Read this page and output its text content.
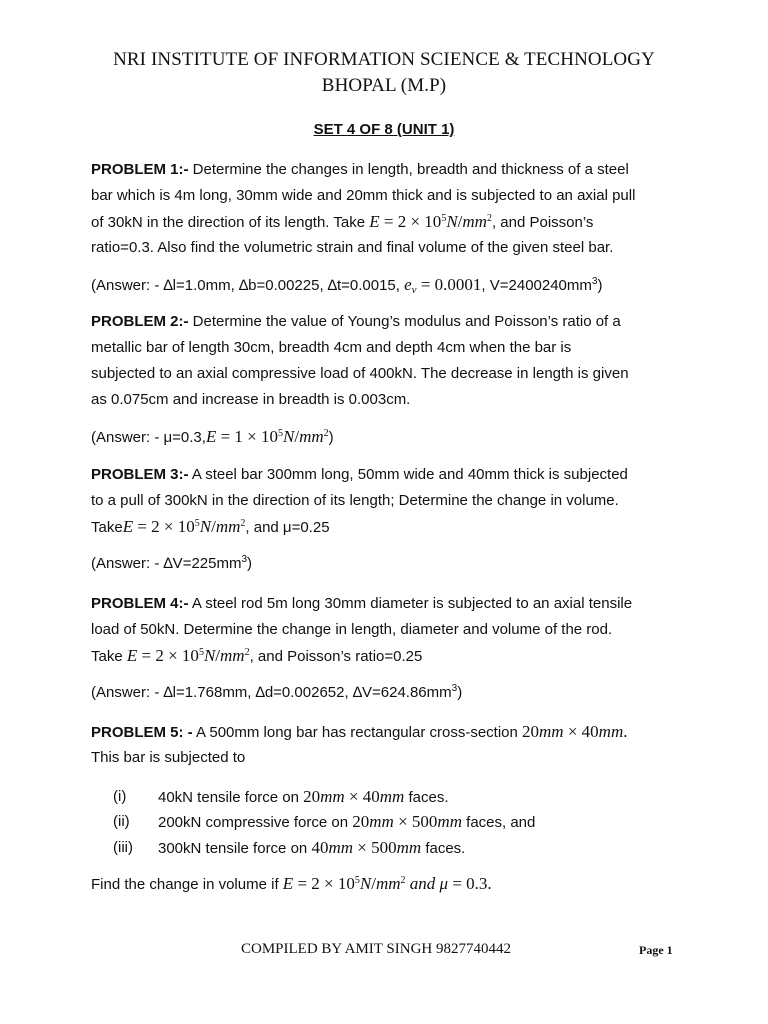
NRI INSTITUTE OF INFORMATION SCIENCE & TECHNOLOGY
BHOPAL (M.P)
SET 4 OF 8 (UNIT 1)
PROBLEM 1:- Determine the changes in length, breadth and thickness of a steel
bar which is 4m long, 30mm wide and 20mm thick and is subjected to an axial pull
of 30kN in the direction of its length. Take $E = 2 \times 10^5N/mm^2$, and Poisson’s
ratio=0.3. Also find the volumetric strain and final volume of the given steel bar.
(Answer: - ∆l=1.0mm, ∆b=0.00225, ∆t=0.0015, $e_v = 0.0001$, $V=2400240mm^3$)
PROBLEM 2:- Determine the value of Young’s modulus and Poisson’s ratio of a
metallic bar of length 30cm, breadth 4cm and depth 4cm when the bar is
subjected to an axial compressive load of 400kN. The decrease in length is given
as 0.075cm and increase in breadth is 0.003cm.
(Answer: - $\mu=0.3,E = 1 \times 10^5N/mm^2$)
PROBLEM 3:- A steel bar 300mm long, 50mm wide and 40mm thick is subjected
to a pull of 300kN in the direction of its length; Determine the change in volume.
TakeE = $2 \times 10^5N/mm^2$, and μ=0.25
(Answer: - $\Delta V=225mm^3$)
PROBLEM 4:- A steel rod 5m long 30mm diameter is subjected to an axial tensile
load of 50kN. Determine the change in length, diameter and volume of the rod.
Take $E = 2 \times 10^5N/mm^2$, and Poisson’s ratio=0.25
(Answer: - ∆l=1.768mm, ∆d=0.002652, $\Delta V=624.86mm^3$)
PROBLEM 5: - A 500mm long bar has rectangular cross-section 20mm × 40mm.
This bar is subjected to
(i) 40kN tensile force on 20mm × 40mm faces.
(ii) 200kN compressive force on 20mm × 500mm faces, and
(iii) 300kN tensile force on 40mm × 500mm faces.
Find the change in volume if $E = 2 \times 10^5N/mm^2$ and μ = 0.3.
COMPILED BY AMIT SINGH 9827740442	Page 1
